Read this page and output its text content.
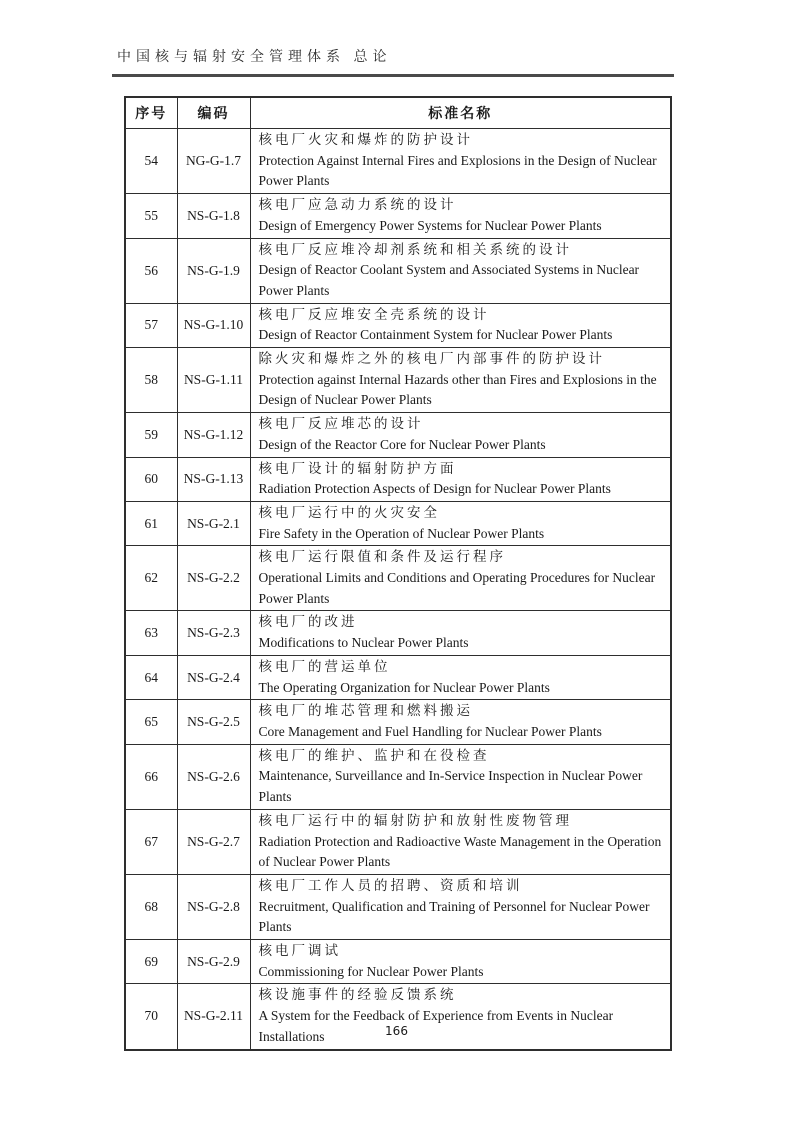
中国核与辐射安全管理体系 总论
序号	编码	标准名称
54	NG-G-1.7	核电厂火灾和爆炸的防护设计
Protection Against Internal Fires and Explosions in the Design of Nuclear Power Plants

55	NS-G-1.8	核电厂应急动力系统的设计
Design of Emergency Power Systems for Nuclear Power Plants

56	NS-G-1.9	核电厂反应堆冷却剂系统和相关系统的设计
Design of Reactor Coolant System and Associated Systems in Nuclear Power Plants

57	NS-G-1.10	核电厂反应堆安全壳系统的设计
Design of Reactor Containment System for Nuclear Power Plants

58	NS-G-1.11	除火灾和爆炸之外的核电厂内部事件的防护设计
Protection against Internal Hazards other than Fires and Explosions in the Design of Nuclear Power Plants

59	NS-G-1.12	核电厂反应堆芯的设计
Design of the Reactor Core for Nuclear Power Plants

60	NS-G-1.13	核电厂设计的辐射防护方面
Radiation Protection Aspects of Design for Nuclear Power Plants

61	NS-G-2.1	核电厂运行中的火灾安全
Fire Safety in the Operation of Nuclear Power Plants

62	NS-G-2.2	核电厂运行限值和条件及运行程序
Operational Limits and Conditions and Operating Procedures for Nuclear Power Plants

63	NS-G-2.3	核电厂的改进
Modifications to Nuclear Power Plants

64	NS-G-2.4	核电厂的营运单位
The Operating Organization for Nuclear Power Plants

65	NS-G-2.5	核电厂的堆芯管理和燃料搬运
Core Management and Fuel Handling for Nuclear Power Plants

66	NS-G-2.6	核电厂的维护、监护和在役检查
Maintenance, Surveillance and In-Service Inspection in Nuclear Power Plants

67	NS-G-2.7	核电厂运行中的辐射防护和放射性废物管理
Radiation Protection and Radioactive Waste Management in the Operation of Nuclear Power Plants

68	NS-G-2.8	核电厂工作人员的招聘、资质和培训
Recruitment, Qualification and Training of Personnel for Nuclear Power Plants

69	NS-G-2.9	核电厂调试
Commissioning for Nuclear Power Plants

70	NS-G-2.11	核设施事件的经验反馈系统
A System for the Feedback of Experience from Events in Nuclear Installations	166
